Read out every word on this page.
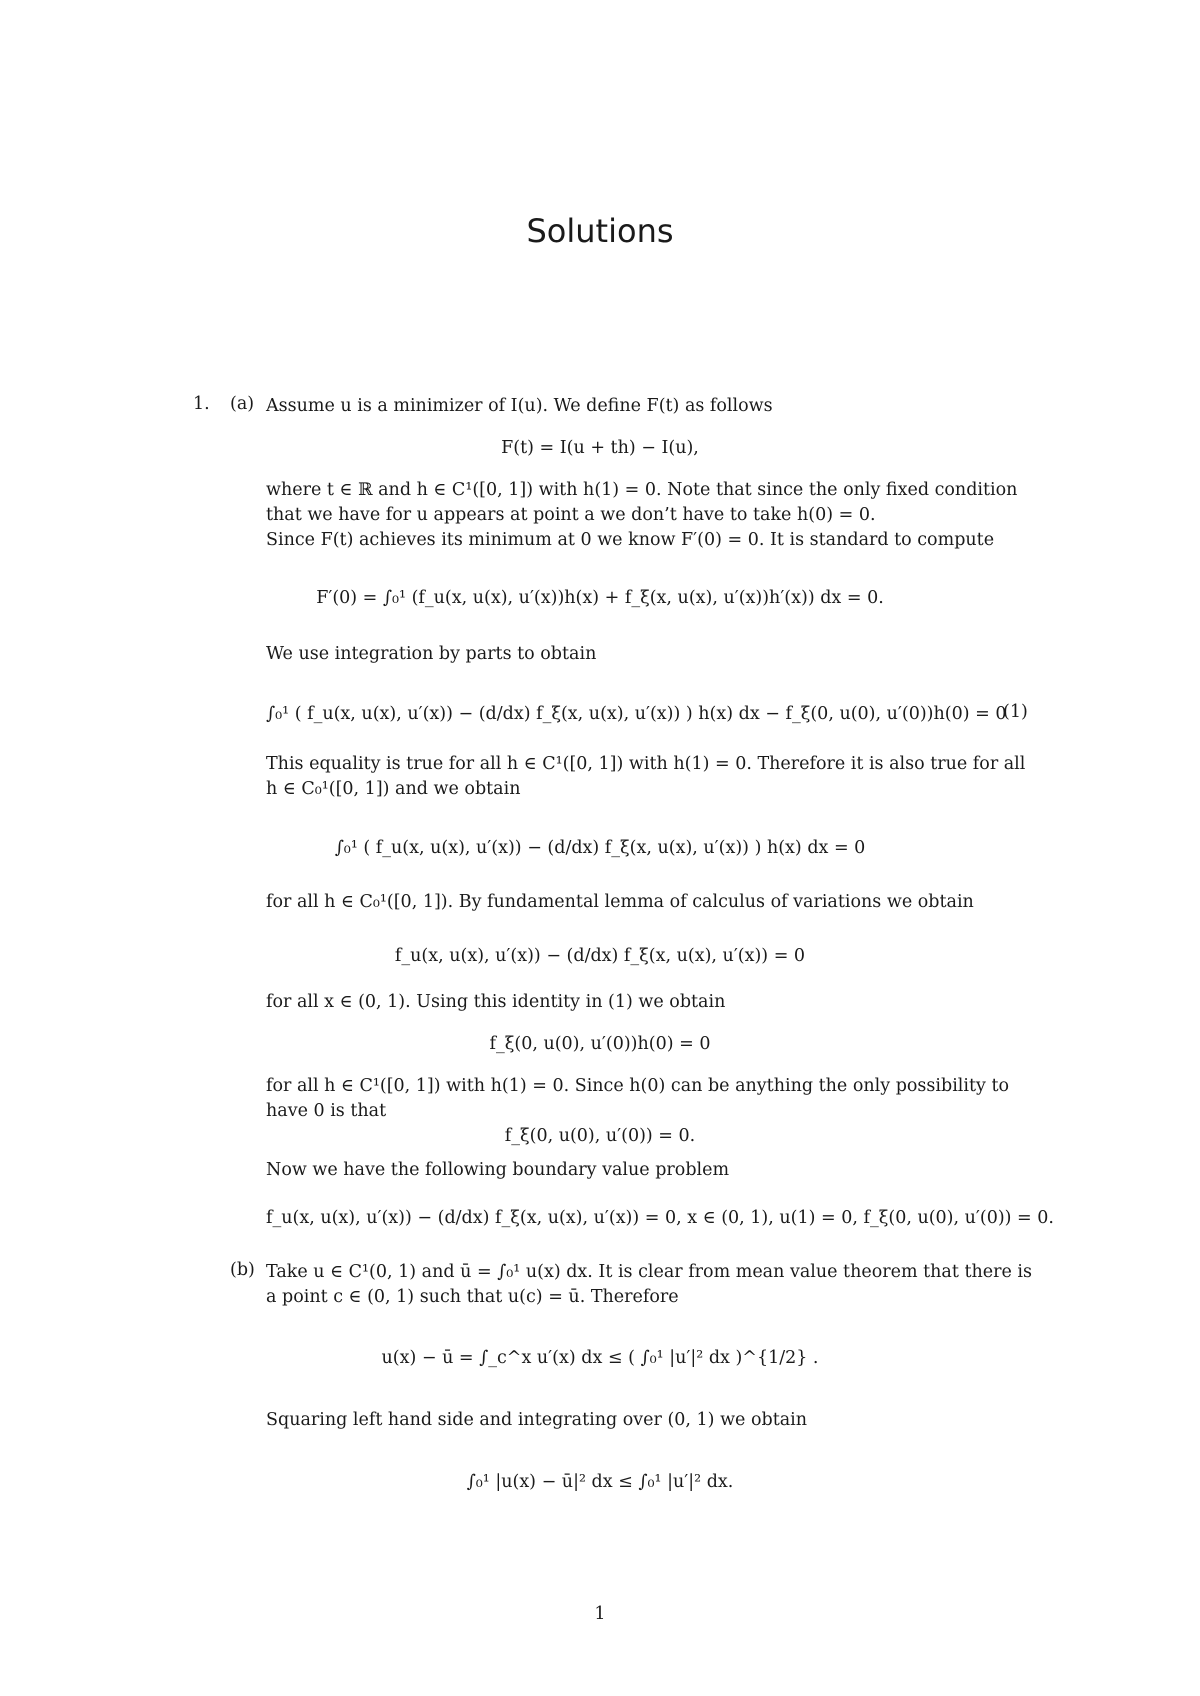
Solutions
1. (a) Assume u is a minimizer of I(u). We define F(t) as follows
F(t) = I(u + th) − I(u),
where t ∈ ℝ and h ∈ C¹([0, 1]) with h(1) = 0. Note that since the only fixed condition that we have for u appears at point a we don’t have to take h(0) = 0.
Since F(t) achieves its minimum at 0 we know F′(0) = 0. It is standard to compute
F′(0) = ∫₀¹ (f_u(x, u(x), u′(x))h(x) + f_ξ(x, u(x), u′(x))h′(x)) dx = 0.
We use integration by parts to obtain
∫₀¹ ( f_u(x, u(x), u′(x)) − (d/dx) f_ξ(x, u(x), u′(x)) ) h(x) dx − f_ξ(0, u(0), u′(0))h(0) = 0
(1)
This equality is true for all h ∈ C¹([0, 1]) with h(1) = 0. Therefore it is also true for all h ∈ C₀¹([0, 1]) and we obtain
∫₀¹ ( f_u(x, u(x), u′(x)) − (d/dx) f_ξ(x, u(x), u′(x)) ) h(x) dx = 0
for all h ∈ C₀¹([0, 1]). By fundamental lemma of calculus of variations we obtain
f_u(x, u(x), u′(x)) − (d/dx) f_ξ(x, u(x), u′(x)) = 0
for all x ∈ (0, 1). Using this identity in (1) we obtain
f_ξ(0, u(0), u′(0))h(0) = 0
for all h ∈ C¹([0, 1]) with h(1) = 0. Since h(0) can be anything the only possibility to have 0 is that
f_ξ(0, u(0), u′(0)) = 0.
Now we have the following boundary value problem
f_u(x, u(x), u′(x)) − (d/dx) f_ξ(x, u(x), u′(x)) = 0, x ∈ (0, 1), u(1) = 0, f_ξ(0, u(0), u′(0)) = 0.
(b) Take u ∈ C¹(0, 1) and ū = ∫₀¹ u(x) dx. It is clear from mean value theorem that there is a point c ∈ (0, 1) such that u(c) = ū. Therefore
u(x) − ū = ∫_c^x u′(x) dx ≤ ( ∫₀¹ |u′|² dx )^{1/2} .
Squaring left hand side and integrating over (0, 1) we obtain
∫₀¹ |u(x) − ū|² dx ≤ ∫₀¹ |u′|² dx.
1
